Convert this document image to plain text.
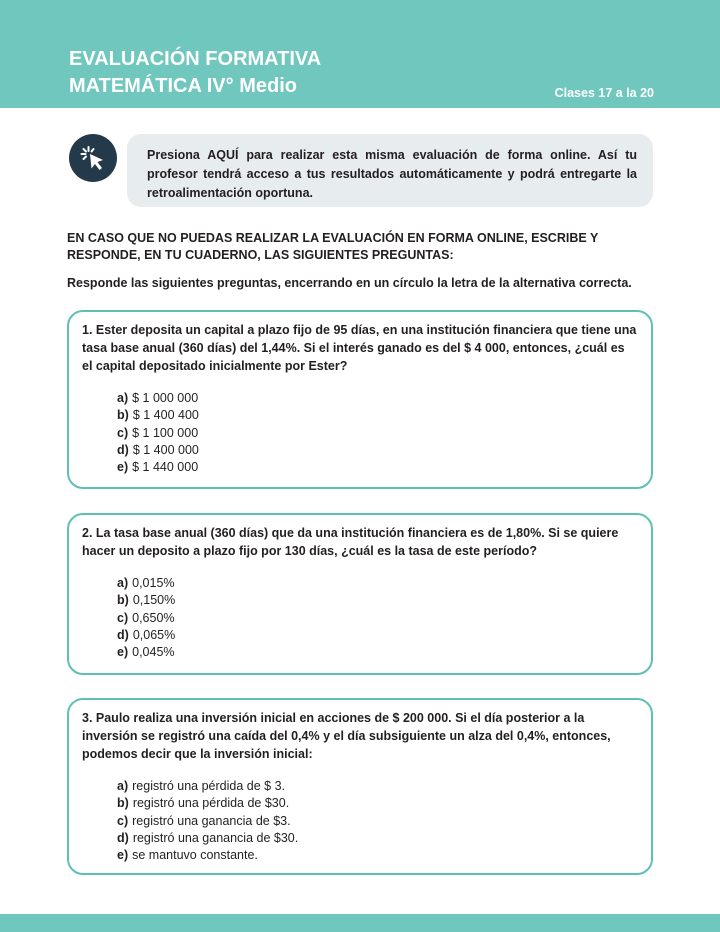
EVALUACIÓN FORMATIVA
MATEMÁTICA IV° Medio	Clases 17 a la 20

Presiona AQUÍ para realizar esta misma evaluación de forma online. Así tu profesor tendrá acceso a tus resultados automáticamente y podrá entregarte la retroalimentación oportuna.

EN CASO QUE NO PUEDAS REALIZAR LA EVALUACIÓN EN FORMA ONLINE, ESCRIBE Y RESPONDE, EN TU CUADERNO, LAS SIGUIENTES PREGUNTAS:
Responde las siguientes preguntas, encerrando en un círculo la letra de la alternativa correcta.
1. Ester deposita un capital a plazo fijo de 95 días, en una institución financiera que tiene una tasa base anual (360 días) del 1,44%. Si el interés ganado es del $ 4 000, entonces, ¿cuál es el capital depositado inicialmente por Ester?
a) $ 1 000 000
b) $ 1 400 400
c) $ 1 100 000
d) $ 1 400 000
e) $ 1 440 000
2. La tasa base anual (360 días) que da una institución financiera es de 1,80%. Si se quiere hacer un deposito a plazo fijo por 130 días, ¿cuál es la tasa de este período?
a) 0,015%
b) 0,150%
c) 0,650%
d) 0,065%
e) 0,045%
3. Paulo realiza una inversión inicial en acciones de $ 200 000. Si el día posterior a la inversión se registró una caída del 0,4% y el día subsiguiente un alza del 0,4%, entonces, podemos decir que la inversión inicial:
a) registró una pérdida de $ 3.
b) registró una pérdida de $30.
c) registró una ganancia de $3.
d) registró una ganancia de $30.
e) se mantuvo constante.
